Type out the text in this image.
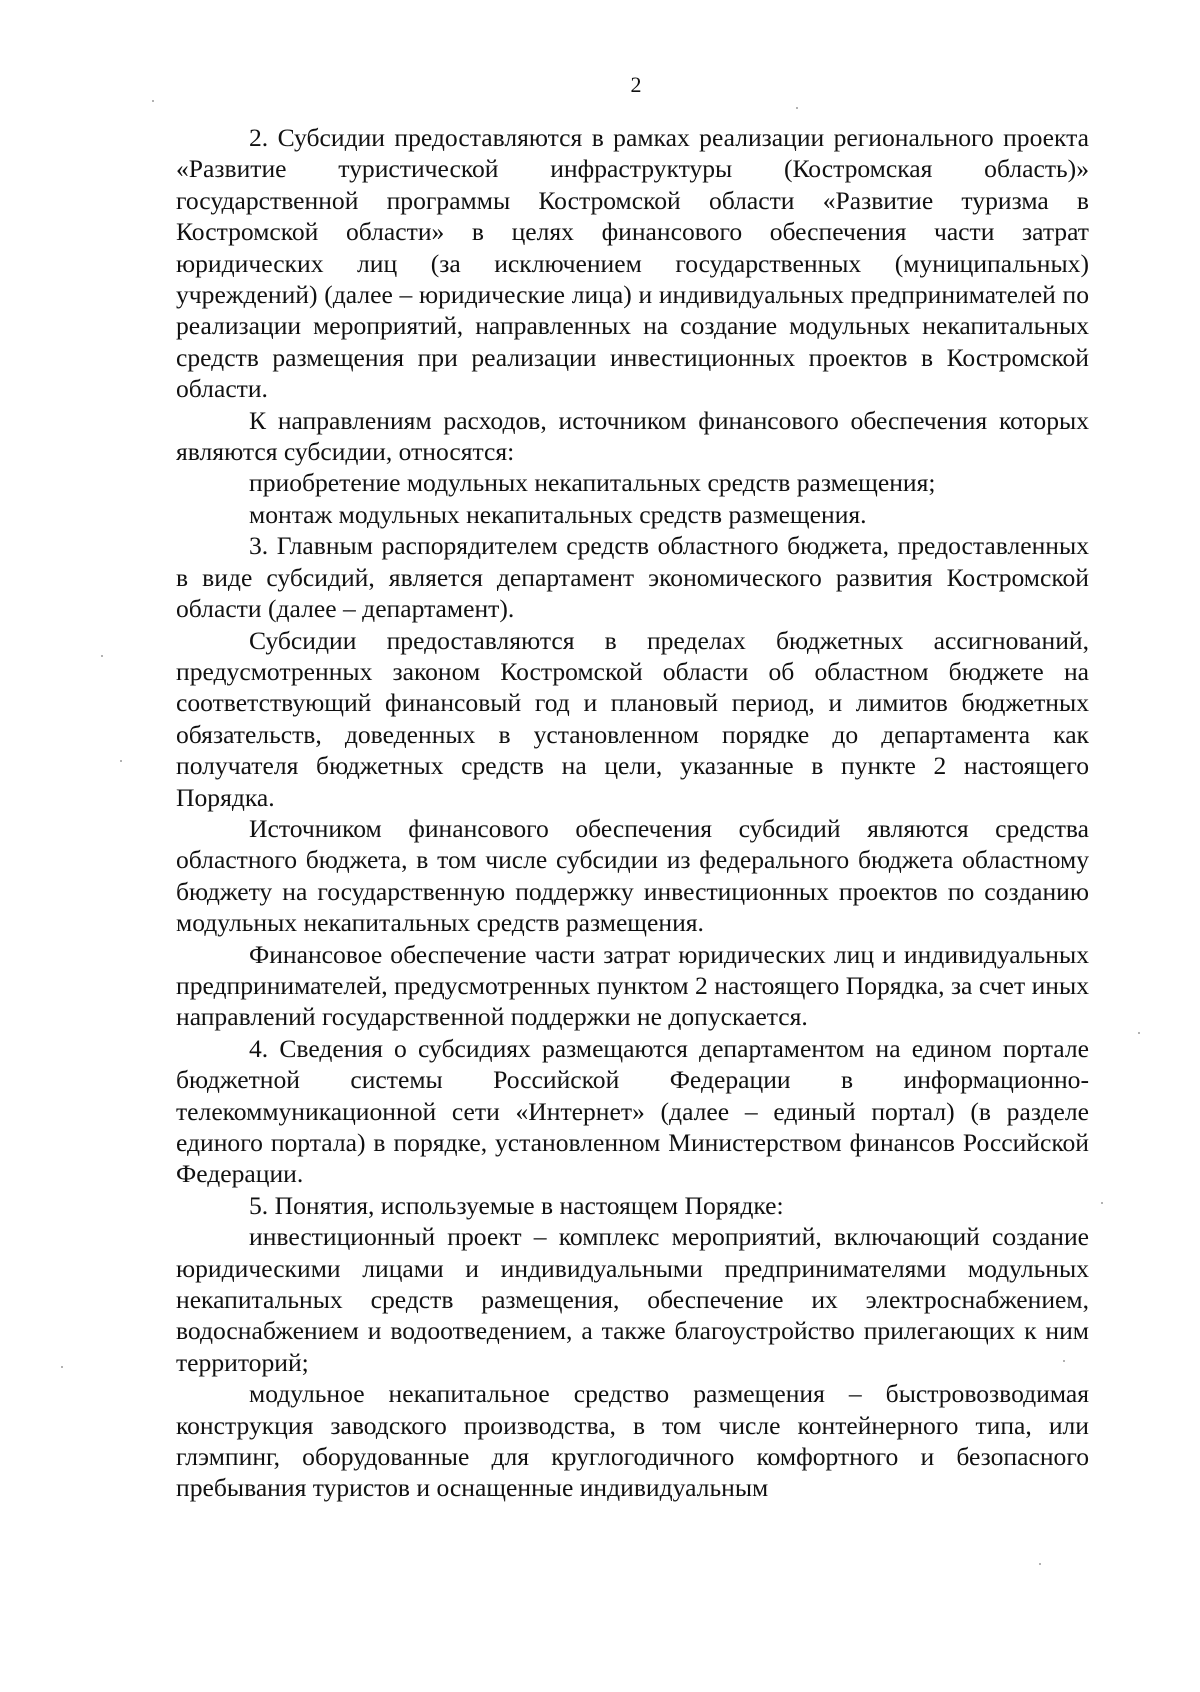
2

2. Субсидии предоставляются в рамках реализации регионального проекта «Развитие туристической инфраструктуры (Костромская область)» государственной программы Костромской области «Развитие туризма в Костромской области» в целях финансового обеспечения части затрат юридических лиц (за исключением государственных (муниципальных) учреждений) (далее – юридические лица) и индивидуальных предпринимателей по реализации мероприятий, направленных на создание модульных некапитальных средств размещения при реализации инвестиционных проектов в Костромской области.

К направлениям расходов, источником финансового обеспечения которых являются субсидии, относятся:

приобретение модульных некапитальных средств размещения;

монтаж модульных некапитальных средств размещения.

3. Главным распорядителем средств областного бюджета, предоставленных в виде субсидий, является департамент экономического развития Костромской области (далее – департамент).

Субсидии предоставляются в пределах бюджетных ассигнований, предусмотренных законом Костромской области об областном бюджете на соответствующий финансовый год и плановый период, и лимитов бюджетных обязательств, доведенных в установленном порядке до департамента как получателя бюджетных средств на цели, указанные в пункте 2 настоящего Порядка.

Источником финансового обеспечения субсидий являются средства областного бюджета, в том числе субсидии из федерального бюджета областному бюджету на государственную поддержку инвестиционных проектов по созданию модульных некапитальных средств размещения.

Финансовое обеспечение части затрат юридических лиц и индивидуальных предпринимателей, предусмотренных пунктом 2 настоящего Порядка, за счет иных направлений государственной поддержки не допускается.

4. Сведения о субсидиях размещаются департаментом на едином портале бюджетной системы Российской Федерации в информационно-телекоммуникационной сети «Интернет» (далее – единый портал) (в разделе единого портала) в порядке, установленном Министерством финансов Российской Федерации.

5. Понятия, используемые в настоящем Порядке:

инвестиционный проект – комплекс мероприятий, включающий создание юридическими лицами и индивидуальными предпринимателями модульных некапитальных средств размещения, обеспечение их электроснабжением, водоснабжением и водоотведением, а также благоустройство прилегающих к ним территорий;

модульное некапитальное средство размещения – быстровозводимая конструкция заводского производства, в том числе контейнерного типа, или глэмпинг, оборудованные для круглогодичного комфортного и безопасного пребывания туристов и оснащенные индивидуальным
